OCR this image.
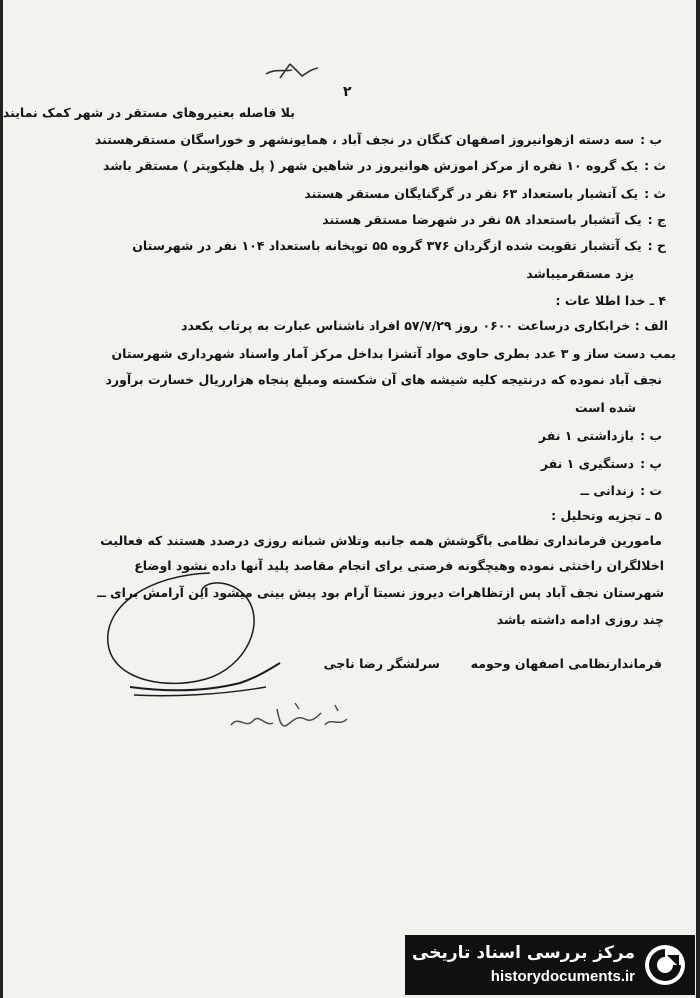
۲
بلا فاصله بعنیروهای مستقر در شهر کمک نمایند
ب :سه دسته ازهوانیروز اصفهان کنگان در نجف آباد ، همایونشهر و خوراسگان مستقرهستند
ث :یک گروه ۱۰ نفره از مرکز اموزش هوانیروز در شاهین شهر ( پل هلیکوپتر ) مستقر باشد
ث :یک آتشبار باستعداد ۶۳ نفر در گرگنایگان مستقر هستند
ج :یک آتشبار باستعداد ۵۸ نفر در شهرضا مستقر هستند
ح :یک آتشبار تقویت شده ازگردان ۳۷۶ گروه ۵۵ توپخانه باستعداد ۱۰۴ نفر در شهرستان
یزد مستقرمیباشد
۴ ـ خدا اطلا عات :
الف : خرابکاری درساعت ۰۶۰۰ روز ۵۷/۷/۲۹ افراد ناشناس عبارت به پرتاب یکعدد
بمب دست ساز و ۳ عدد بطری حاوی مواد آتشزا بداخل مرکز آمار واسناد شهرداری شهرستان
نجف آباد نموده که درنتیجه کلیه شیشه های آن شکسته ومبلغ پنجاه هزارریال خسارت برآورد
شده است
ب :بازداشتی ۱ نفر
پ :دستگیری ۱ نفر
ت :زندانی ــ
۵ ـ تجزیه وتحلیل :
مامورین فرمانداری نظامی باگوشش همه جانبه وتلاش شبانه روزی درصدد هستند که فعالیت
اخلالگران راخنثی نموده وهیچگونه فرصتی برای انجام مقاصد پلید آنها داده نشود اوضاع
شهرستان نجف آباد پس ازتظاهرات دیروز نسبتا آرام بود پیش بینی میشود این آرامش برای ــ
چند روزی ادامه داشته باشد
فرماندارنظامی اصفهان وحومه  سرلشگر رضا ناجی
مرکز بررسی اسناد تاریخی
historydocuments.ir
